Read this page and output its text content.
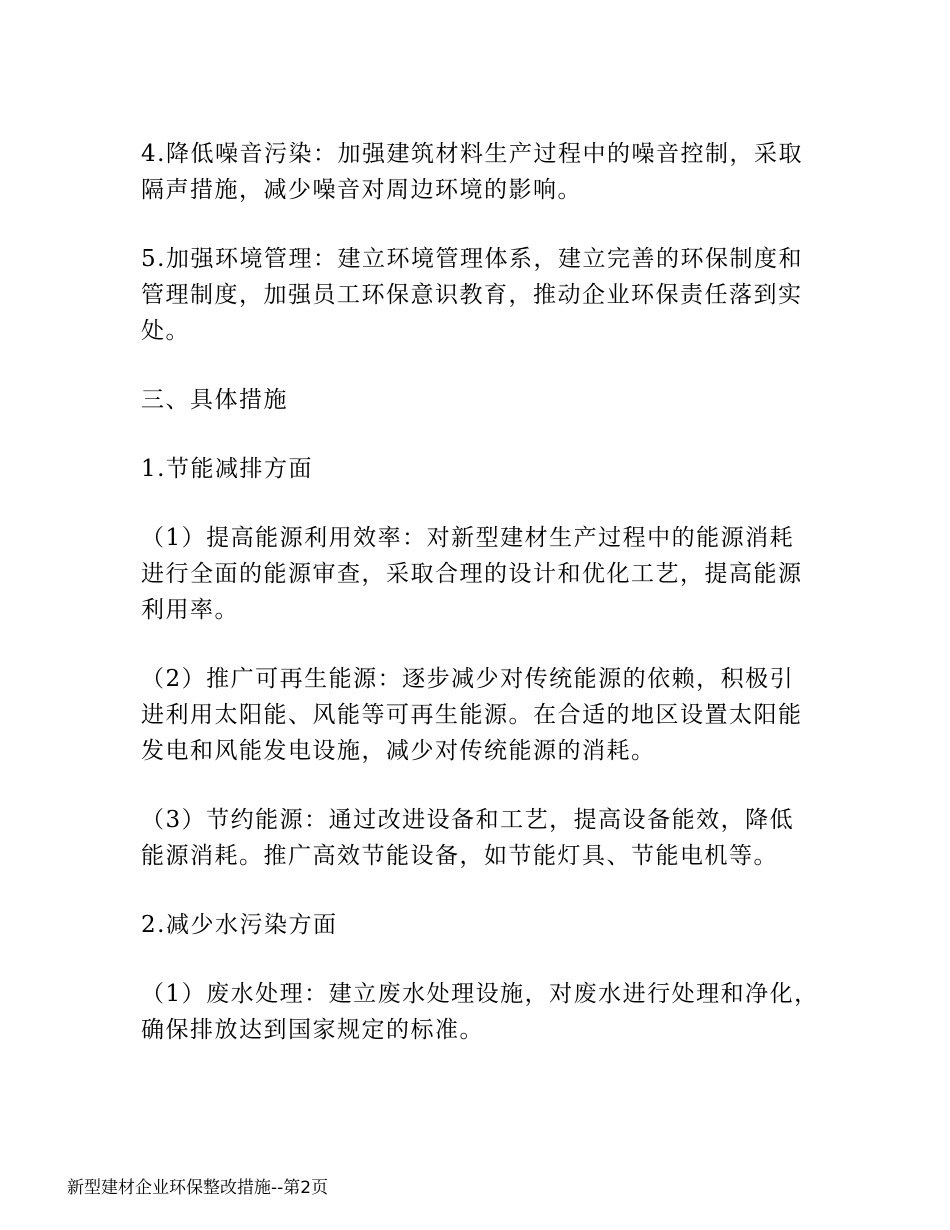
4.降低噪音污染：加强建筑材料生产过程中的噪音控制，采取
隔声措施，减少噪音对周边环境的影响。
5.加强环境管理：建立环境管理体系，建立完善的环保制度和
管理制度，加强员工环保意识教育，推动企业环保责任落到实
处。
三、具体措施
1.节能减排方面
（1）提高能源利用效率：对新型建材生产过程中的能源消耗
进行全面的能源审查，采取合理的设计和优化工艺，提高能源
利用率。
（2）推广可再生能源：逐步减少对传统能源的依赖，积极引
进利用太阳能、风能等可再生能源。在合适的地区设置太阳能
发电和风能发电设施，减少对传统能源的消耗。
（3）节约能源：通过改进设备和工艺，提高设备能效，降低
能源消耗。推广高效节能设备，如节能灯具、节能电机等。
2.减少水污染方面
（1）废水处理：建立废水处理设施，对废水进行处理和净化，
确保排放达到国家规定的标准。
新型建材企业环保整改措施--第2页
